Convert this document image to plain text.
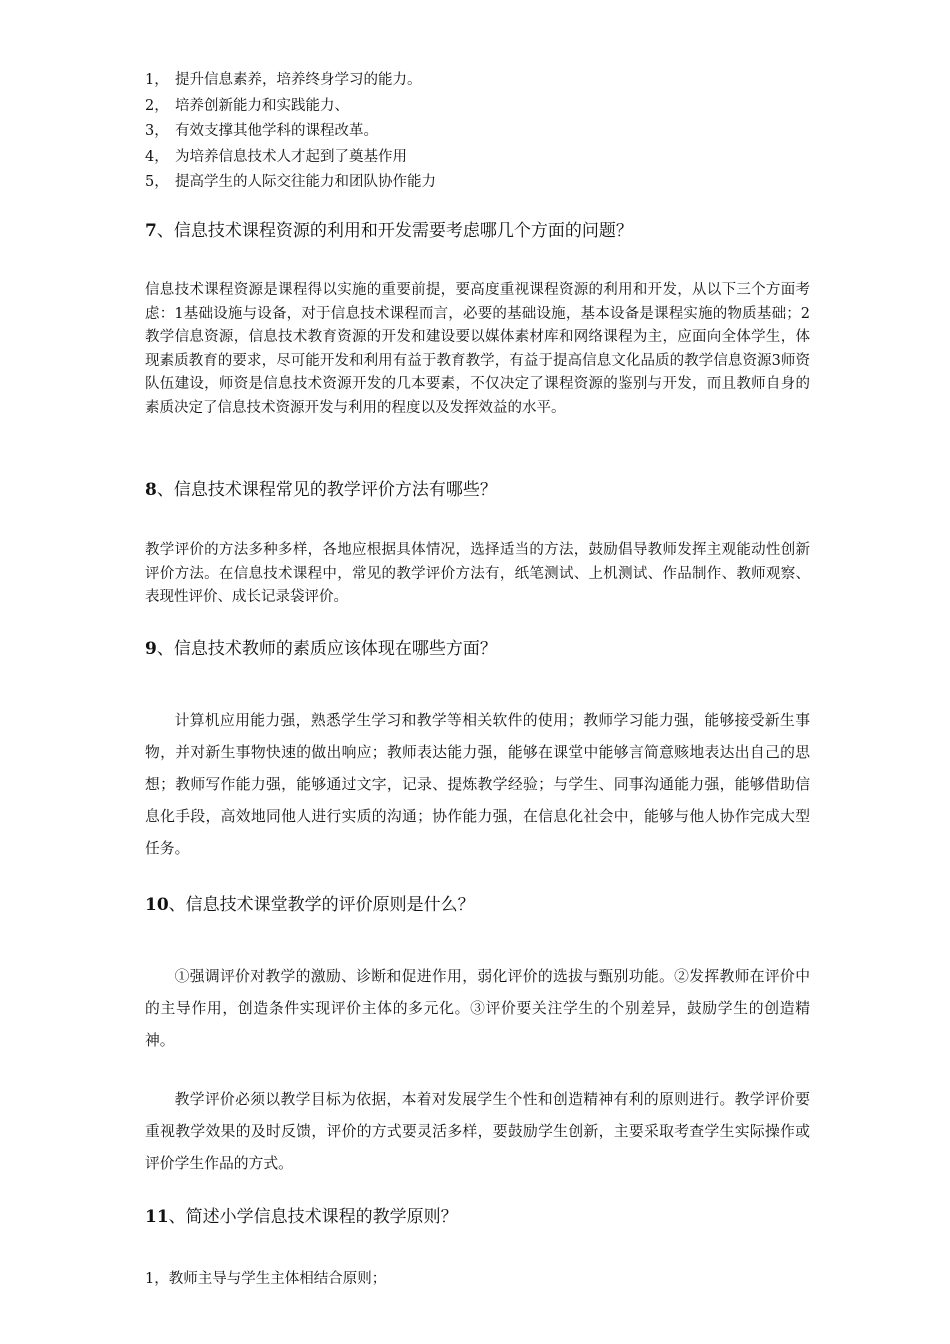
1， 提升信息素养，培养终身学习的能力。
2， 培养创新能力和实践能力、
3， 有效支撑其他学科的课程改革。
4， 为培养信息技术人才起到了奠基作用
5， 提高学生的人际交往能力和团队协作能力
7、信息技术课程资源的利用和开发需要考虑哪几个方面的问题？

信息技术课程资源是课程得以实施的重要前提，要高度重视课程资源的利用和开发，从以下三个方面考虑：1基础设施与设备，对于信息技术课程而言，必要的基础设施，基本设备是课程实施的物质基础；2教学信息资源，信息技术教育资源的开发和建设要以媒体素材库和网络课程为主，应面向全体学生，体现素质教育的要求，尽可能开发和利用有益于教育教学，有益于提高信息文化品质的教学信息资源3师资队伍建设，师资是信息技术资源开发的几本要素，不仅决定了课程资源的鉴别与开发，而且教师自身的素质决定了信息技术资源开发与利用的程度以及发挥效益的水平。

8、信息技术课程常见的教学评价方法有哪些？

教学评价的方法多种多样，各地应根据具体情况，选择适当的方法，鼓励倡导教师发挥主观能动性创新评价方法。在信息技术课程中，常见的教学评价方法有，纸笔测试、上机测试、作品制作、教师观察、表现性评价、成长记录袋评价。

9、信息技术教师的素质应该体现在哪些方面？

计算机应用能力强，熟悉学生学习和教学等相关软件的使用；教师学习能力强，能够接受新生事物，并对新生事物快速的做出响应；教师表达能力强，能够在课堂中能够言简意赅地表达出自己的思想；教师写作能力强，能够通过文字，记录、提炼教学经验；与学生、同事沟通能力强，能够借助信息化手段，高效地同他人进行实质的沟通；协作能力强，在信息化社会中，能够与他人协作完成大型任务。

10、信息技术课堂教学的评价原则是什么？

①强调评价对教学的激励、诊断和促进作用，弱化评价的选拔与甄别功能。②发挥教师在评价中的主导作用，创造条件实现评价主体的多元化。③评价要关注学生的个别差异，鼓励学生的创造精神。

教学评价必须以教学目标为依据，本着对发展学生个性和创造精神有利的原则进行。教学评价要重视教学效果的及时反馈，评价的方式要灵活多样，要鼓励学生创新，主要采取考查学生实际操作或评价学生作品的方式。

11、简述小学信息技术课程的教学原则？
1，教师主导与学生主体相结合原则；
